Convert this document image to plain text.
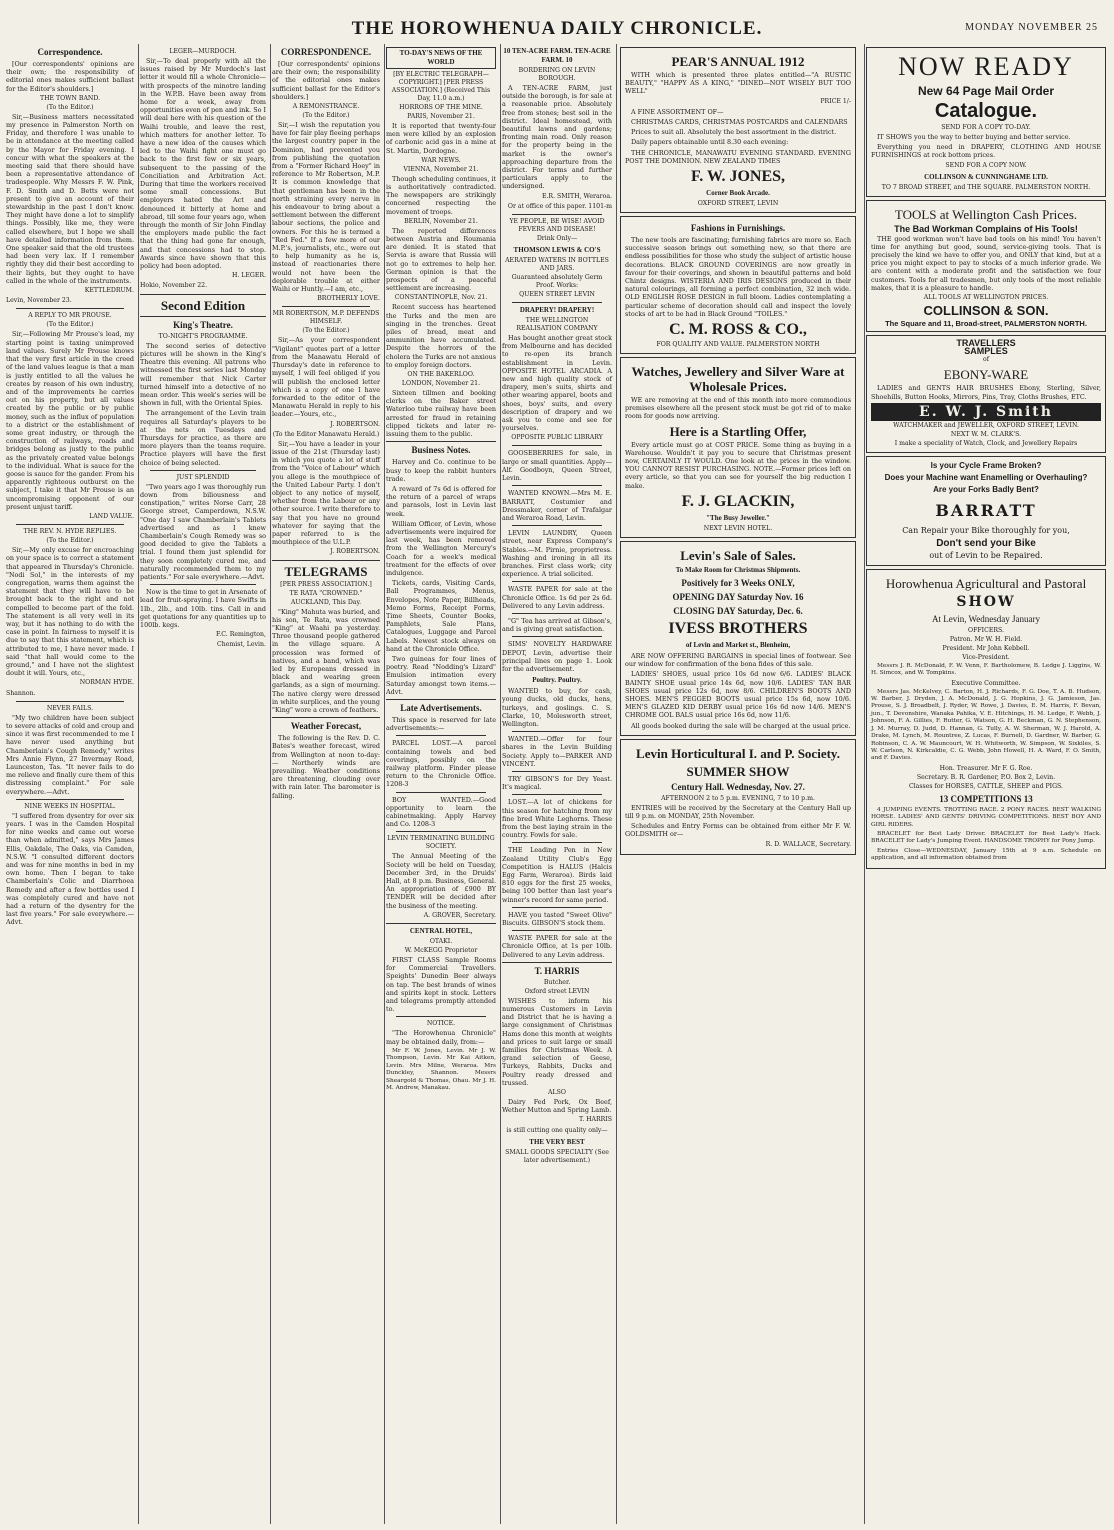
THE HOROWHENUA DAILY CHRONICLE.	MONDAY NOVEMBER 25
Correspondence.

[Our correspondents' opinions are their own; the responsibility of editorial ones makes sufficient ballast for the Editor's shoulders.]

THE TOWN BAND.
(To the Editor.)

Sir,—Business matters necessitated my presence in Palmerston North on Friday, and therefore I was unable to be in attendance at the meeting called by the Mayor for Friday evening. I concur with what the speakers at the meeting said that there should have been a representative attendance of tradespeople. Why Messrs F. W. Pink, F. D. Smith and D. Betts were not present to give an account of their stewardship in the past I don't know. They might have done a lot to simplify things. Possibly, like me, they were called elsewhere, but I hope we shall have detailed information from them. One speaker said that the old trustees had been very lax. If I remember rightly they did their best according to their lights, but they ought to have called in the whole of the instruments.

KETTLEDRUM.
Levin, November 23.
A REPLY TO MR PROUSE.
(To the Editor.)

Sir,—Following Mr Prouse's lead, my starting point is taxing unimproved land values. Surely Mr Prouse knows that the very first article in the creed of the land values league is that a man is justly entitled to all the values he creates by reason of his own industry, and of the improvements he carries out on his property, but all values created by the public or by public money, such as the influx of population to a district or the establishment of some great industry, or through the construction of railways, roads and bridges belong as justly to the public as the privately created value belongs to the individual. What is sauce for the goose is sauce for the gander. From his apparently righteous outburst on the subject, I take it that Mr Prouse is an uncompromising opponent of our present unjust tariff.

LAND VALUE.
THE REV. N. HYDE REPLIES.
(To the Editor.)

Sir,—My only excuse for encroaching on your space is to correct a statement that appeared in Thursday's Chronicle. "Nodi Sol," in the interests of my congregation, warns them against the statement that they will have to be brought back to the right and not compelled to become part of the fold. The statement is all very well in its way, but it has nothing to do with the case in point. In fairness to myself it is due to say that this statement, which is attributed to me, I have never made. I said "that hall would come to the ground," and I have not the slightest doubt it will. Yours, etc.,

NORMAN HYDE.
Shannon.
NEVER FAILS.

"My two children have been subject to severe attacks of cold and croup and since it was first recommended to me I have never used anything but Chamberlain's Cough Remedy," writes Mrs Annie Flynn, 27 Invermay Road, Launceston, Tas. "It never fails to do me relieve and finally cure them of this distressing complaint." For sale everywhere.—Advt.

NINE WEEKS IN HOSPITAL.

"I suffered from dysentry for over six years. I was in the Camden Hospital for nine weeks and came out worse than when admitted," says Mrs James Ellis, Oakdale, The Oaks, via Camden, N.S.W. "I consulted different doctors and was for nine months in bed in my own home. Then I began to take Chamberlain's Colic and Diarrhoea Remedy and after a few bottles used I was completely cured and have not had a return of the dysentry for the last five years." For sale everywhere.—Advt.

LEGER—MURDOCH.

Sir,—To deal properly with all the issues raised by Mr Murdoch's last letter it would fill a whole Chronicle—with prospects of the minotre landing in the W.P.B. Have been away from home for a week, away from opportunities even of pen and ink. So I will deal here with his question of the Waihi trouble, and leave the rest, which matters for another letter. To have a new idea of the causes which led to the Waihi fight one must go back to the first few or six years, subsequent to the passing of the Conciliation and Arbitration Act. During that time the workers received some small concessions. But employers hated the Act and denounced it bitterly at home and abroad, till some four years ago, when through the month of Sir John Findlay the employers made public the fact that the thing had gone far enough, and that concessions had to stop. Awards since have shown that this policy had been adopted.

H. LEGER.
Hokio, November 22.
Second Edition
King's Theatre.
TO-NIGHT'S PROGRAMME.

The second series of detective pictures will be shown in the King's Theatre this evening. All patrons who witnessed the first series last Monday will remember that Nick Carter turned himself into a detective of no mean order. This week's series will be shown in full, with the Oriental Spies.

The arrangement of the Levin train requires all Saturday's players to be at the nets on Tuesdays and Thursdays for practice, as there are more players than the teams require. Practice players will have the first choice of being selected.

JUST SPLENDID

"Two years ago I was thoroughly run down from biliousness and constipation," writes Norse Carr, 28 George street, Camperdown, N.S.W. "One day I saw Chamberlain's Tablets advertised and as I knew Chamberlain's Cough Remedy was so good decided to give the Tablets a trial. I found them just splendid for they soon completely cured me, and naturally recommended them to my patients." For sale everywhere.—Advt.

Now is the time to get in Arsenate of lead for fruit-spraying. I have Swifts in 1lb., 2lb., and 10lb. tins. Call in and get quotations for any quantities up to 100lb. kegs.

F.C. Remington,
Chemist, Levin.
CORRESPONDENCE.

[Our correspondents' opinions are their own; the responsibility of the editorial ones makes sufficient ballast for the Editor's shoulders.]

A REMONSTRANCE.
(To the Editor.)

Sir,—I wish the reputation you have for fair play fleeing perhaps the largest country paper in the Dominion, had prevented you from publishing the quotation from a "Former Richard Hoey" in reference to Mr Robertson, M.P. It is common knowledge that that gentleman has been in the north straining every nerve in his endeavour to bring about a settlement between the different labour sections, the police and owners. For this he is termed a "Red Fed." If a few more of our M.P.'s, journalists, etc., were out to help humanity as he is, instead of reactionaries there would not have been the deplorable trouble at either Waihi or Huntly.—I am, etc.,

BROTHERLY LOVE.
MR ROBERTSON, M.P. DEFENDS HIMSELF.
(To the Editor.)

Sir,—As your correspondent "Vigilant" quotes part of a letter from the Manawatu Herald of Thursday's date in reference to myself, I will feel obliged if you will publish the enclosed letter which is a copy of one I have forwarded to the editor of the Manawatu Herald in reply to his leader.—Yours, etc.,

J. ROBERTSON.
(To the Editor Manawatu Herald.)

Sir,—You have a leader in your issue of the 21st (Thursday last) in which you quote a lot of stuff from the "Voice of Labour" which you allege is the mouthpiece of the United Labour Party. I don't object to any notice of myself, whether from the Labour or any other source. I write therefore to say that you have no ground whatever for saying that the paper referred to is the mouthpiece of the U.L.P.

J. ROBERTSON.
TELEGRAMS
[PER PRESS ASSOCIATION.]
TE RATA "CROWNED."
AUCKLAND, This Day.

"King" Mahuta was buried, and his son, Te Rata, was crowned "King" at Waahi pa yesterday. Three thousand people gathered in the village square. A procession was formed of natives, and a band, which was led by Europeans dressed in black and wearing green garlands, as a sign of mourning. The native clergy were dressed in white surplices, and the young "King" wore a crown of feathers.

Weather Forecast,

The following is the Rev. D. C. Bates's weather forecast, wired from Wellington at noon to-day:— Northerly winds are prevailing. Weather conditions are threatening, clouding over with rain later. The barometer is falling.

TO-DAY'S NEWS OF THE WORLD
[BY ELECTRIC TELEGRAPH—COPYRIGHT.] [PER PRESS ASSOCIATION.] (Received This Day, 11.0 a.m.)
HORRORS OF THE MINE.
PARIS, November 21.

It is reported that twenty-four men were killed by an explosion of carbonic acid gas in a mine at St. Martin, Dordogne.

WAR NEWS.
VIENNA, November 21.

Though scheduling continues, it is authoritatively contradicted. The newspapers are strikingly concerned respecting the movement of troops.

BERLIN, November 21.

The reported differences between Austria and Roumania are denied. It is stated that Servia is aware that Russia will not go to extremes to help her. German opinion is that the prospects of a peaceful settlement are increasing.

CONSTANTINOPLE, Nov. 21.

Recent success has heartened the Turks and the men are singing in the trenches. Great piles of bread, meat and ammunition have accumulated. Despite the horrors of the cholera the Turks are not anxious to employ foreign doctors.

ON THE BAKERLOO.
LONDON, November 21.

Sixteen tillmen and booking clerks on the Baker street Waterloo tube railway have been arrested for fraud in retaining clipped tickets and later re-issuing them to the public.

Business Notes.

Harvey and Co. continue to be busy to keep the rabbit hunters trade.

A reward of 7s 6d is offered for the return of a parcel of wraps and parasols, lost in Levin last week.

William Officer, of Levin, whose advertisements were inquired for last week, has been removed from the Wellington Mercury's Coach for a week's medical treatment for the effects of over indulgence.

Tickets, cards, Visiting Cards, Ball Programmes, Menus, Envelopes, Note Paper, Billheads, Memo Forms, Receipt Forms, Time Sheets, Counter Books, Pamphlets, Sale Plans, Catalogues, Luggage and Parcel Labels. Newest stock always on hand at the Chronicle Office.

Two guineas for four lines of poetry. Read "Nodding's Lizard" Emulsion intimation every Saturday amongst town items.—Advt.

Late Advertisements.

This space is reserved for late advertisements:—

PARCEL LOST.—A parcel containing towels and bed coverings, possibly on the railway platform. Finder please return to the Chronicle Office. 1208-3

BOY WANTED.—Good opportunity to learn the cabinetmaking. Apply Harvey and Co. 1208-3

LEVIN TERMINATING BUILDING SOCIETY.

The Annual Meeting of the Society will be held on Tuesday, December 3rd, in the Druids' Hall, at 8 p.m. Business, General. An appropriation of £900 BY TENDER will be decided after the business of the meeting.

A. GROVER, Secretary.
CENTRAL HOTEL,
OTAKI.
W. McKEGG Proprietor

FIRST CLASS Sample Rooms for Commercial Travellers. Speights' Dunedin Beer always on tap. The best brands of wines and spirits kept in stock. Letters and telegrams promptly attended to.

NOTICE.

"The Horowhenua Chronicle" may be obtained daily, from:—

Mr F. W. Jones, Levin. Mr J. W. Thompson, Levin. Mr Kai Aitken, Levin. Mrs Milne, Weraroa. Mrs Dunckley, Shannon. Messrs Sheargold & Thomas, Ohau. Mr J. H. M. Andrew, Manakau.

10 TEN-ACRE FARM. TEN-ACRE FARM. 10
BORDERING ON LEVIN BOROUGH.

A TEN-ACRE FARM, just outside the borough, is for sale at a reasonable price. Absolutely free from stones; best soil in the district. Ideal homestead, with beautiful lawns and gardens; fronting main road. Only reason for the property being in the market is the owner's approaching departure from the district. For terms and further particulars apply to the undersigned.

E.R. SMITH, Weraroa.
Or at office of this paper. 1101-m
YE PEOPLE, BE WISE! AVOID FEVERS AND DISEASE!
Drink Only—
THOMSON LEWIS & CO'S
AERATED WATERS IN BOTTLES AND JARS.
Guaranteed absolutely Germ Proof. Works:
QUEEN STREET LEVIN
DRAPERY! DRAPERY!
THE WELLINGTON REALISATION COMPANY

Has bought another great stock from Melbourne and has decided to re-open its branch establishment in Levin. OPPOSITE HOTEL ARCADIA. A new and high quality stock of drapery, men's suits, shirts and other wearing apparel, boots and shoes, boys' suits, and every description of drapery and we ask you to come and see for yourselves.

OPPOSITE PUBLIC LIBRARY

GOOSEBERRIES for sale, in large or small quantities. Apply—Alf. Goodboyn, Queen Street, Levin.

WANTED KNOWN.—Mrs M. E. BARRATT, Costumier and Dressmaker, corner of Trafalgar and Weraroa Road, Levin.

LEVIN LAUNDRY, Queen street, near Express Company's Stables.—M. Pirnie, proprietress. Washing and ironing in all its branches. First class work; city experience. A trial solicited.

WASTE PAPER for sale at the Chronicle Office. 1s 6d per 2s 6d. Delivered to any Levin address.

"G" Tea has arrived at Gibson's, and is giving great satisfaction.

SIMS' NOVELTY HARDWARE DEPOT, Levin, advertise their principal lines on page 1. Look for the advertisement.

Poultry. Poultry.

WANTED to buy, for cash, young ducks, old ducks, hens, turkeys, and goslings. C. S. Clarke, 10, Molesworth street, Wellington.

WANTED.—Offer for four shares in the Levin Building Society. Apply to—PARKER AND VINCENT.

TRY GIBSON'S for Dry Yeast. It's magical.

LOST.—A lot of chickens for this season for hatching from my fine bred White Leghorns. These from the best laying strain in the country. Fowls for sale.

THE Leading Pen in New Zealand Utility Club's Egg Competition is HALUS (Halcis Egg Farm, Weraroa). Birds laid 810 eggs for the first 25 weeks, being 100 better than last year's winner's record for same period.

HAVE you tasted "Sweet Olive" Biscuits. GIBSON'S stock them.

WASTE PAPER for sale at the Chronicle Office, at 1s per 10lb. Delivered to any Levin address.

T. HARRIS
Butcher.
Oxford street LEVIN

WISHES to inform his numerous Customers in Levin and District that he is having a large consignment of Christmas Hams done this month at weights and prices to suit large or small families for Christmas Week. A grand selection of Geese, Turkeys, Rabbits, Ducks and Poultry ready dressed and trussed.

ALSO

Dairy Fed Pork, Ox Beef, Wether Mutton and Spring Lamb.

T. HARRIS
is still cutting one quality only—
THE VERY BEST
SMALL GOODS SPECIALTY (See later advertisement.)
PEAR'S ANNUAL 1912

WITH which is presented three plates entitled—"A RUSTIC BEAUTY," "HAPPY AS A KING," "DINED—NOT WISELY BUT TOO WELL"

PRICE 1/-

A FINE ASSORTMENT OF—

CHRISTMAS CARDS, CHRISTMAS POSTCARDS and CALENDARS

Prices to suit all. Absolutely the best assortment in the district.

Daily papers obtainable until 8.30 each evening:

THE CHRONICLE, MANAWATU EVENING STANDARD. EVENING POST THE DOMINION. NEW ZEALAND TIMES

F. W. JONES,
Corner Book Arcade.
OXFORD STREET, LEVIN
Fashions in Furnishings.

The new tools are fascinating; furnishing fabrics are more so. Each successive season brings out something new, so that there are endless possibilities for those who study the subject of artistic house decorations. BLACK GROUND COVERINGS are now greatly in favour for their coverings, and shown in beautiful patterns and bold Chintz designs. WISTERIA AND IRIS DESIGNS produced in their natural colourings, all forming a perfect combination, 32 inch wide. OLD ENGLISH ROSE DESIGN in full bloom. Ladies contemplating a particular scheme of decoration should call and inspect the lovely stocks of art to be had in Black Ground "TOILES."

C. M. ROSS & CO.,
FOR QUALITY AND VALUE. PALMERSTON NORTH
Watches, Jewellery and Silver Ware at Wholesale Prices.

WE are removing at the end of this month into more commodious premises elsewhere all the present stock must be got rid of to make room for goods now arriving.

Here is a Startling Offer,

Every article must go at COST PRICE. Some thing as buying in a Warehouse. Wouldn't it pay you to secure that Christmas present now, CERTAINLY IT WOULD. One look at the prices in the window. YOU CANNOT RESIST PURCHASING. NOTE.—Former prices left on every article, so that you can see for yourself the big reduction I make.

F. J. GLACKIN,
"The Busy Jeweller."
NEXT LEVIN HOTEL.
Levin's Sale of Sales.
To Make Room for Christmas Shipments.
Positively for 3 Weeks ONLY,
OPENING DAY Saturday Nov. 16
CLOSING DAY Saturday, Dec. 6.
IVESS BROTHERS
of Levin and Market st., Blenheim,

ARE NOW OFFERING BARGAINS in special lines of footwear. See our window for confirmation of the bona fides of this sale.

LADIES' SHOES, usual price 10s 6d now 6/6. LADIES' BLACK BAINTY SHOE usual price 14s 6d, now 10/6. LADIES' TAN BAR SHOES usual price 12s 6d, now 8/6. CHILDREN'S BOOTS AND SHOES. MEN'S PEGGED BOOTS usual price 15s 6d, now 10/6. MEN'S GLAZED KID DERBY usual price 16s 6d now 14/6. MEN'S CHROME GOL BALS usual price 16s 6d, now 11/6.

All goods booked during the sale will be charged at the usual price.

Levin Horticultural I. and P. Society.
SUMMER SHOW
Century Hall. Wednesday, Nov. 27.
AFTERNOON 2 to 5 p.m. EVENING, 7 to 10 p.m.

ENTRIES will be received by the Secretary at the Century Hall up till 9 p.m. on MONDAY, 25th November.

Schedules and Entry Forms can be obtained from either Mr F. W. GOLDSMITH or—

R. D. WALLACE, Secretary.
NOW READY
New 64 Page Mail Order
Catalogue.
SEND FOR A COPY TO-DAY.

IT SHOWS you the way to better buying and better service.

Everything you need in DRAPERY, CLOTHING AND HOUSE FURNISHINGS at rock bottom prices.

SEND FOR A COPY NOW.
COLLINSON & CUNNINGHAME LTD.
TO 7 BROAD STREET, and THE SQUARE. PALMERSTON NORTH.
TOOLS at Wellington Cash Prices.
The Bad Workman Complains of His Tools!

THE good workman won't have bad tools on his mind! You haven't time for anything but good, sound, service-giving tools. That is precisely the kind we have to offer you, and ONLY that kind, but at a price you might expect to pay to stocks of a much inferior grade. We are content with a moderate profit and the satisfaction we four customers. Tools for all tradesmen, but only tools of the most reliable makes, that it is a pleasure to handle.

ALL TOOLS AT WELLINGTON PRICES.
COLLINSON & SON.
The Square and 11, Broad-street, PALMERSTON NORTH.
TRAVELLERS
SAMPLES
of
EBONY-WARE

LADIES and GENTS HAIR BRUSHES Ebony, Sterling, Silver, Shoehills, Button Hooks, Mirrors, Pins, Tray, Cloths Brushes, ETC.

E. W. J. Smith
WATCHMAKER and JEWELLER, OXFORD STREET, LEVIN.
NEXT W. M. CLARK'S.
I make a speciality of Watch, Clock, and Jewellery Repairs
Is your Cycle Frame Broken?
Does your Machine want Enamelling or Overhauling?
Are your Forks Badly Bent?
BARRATT
Can Repair your Bike thoroughly for you,
Don't send your Bike
out of Levin to be Repaired.
Horowhenua Agricultural and Pastoral
SHOW
At Levin, Wednesday January
OFFICERS.
Patron. Mr W. H. Field.
President. Mr John Kebbell.
Vice-President.

Messrs J. R. McDonald, F. W. Venn, F. Bartholomew, B. Ledge J. Liggins, W. H. Simcox, and W. Tompkins.

Executive Committee.

Messrs Jas. McKelvey, C. Barton, H. J. Richards, F. G. Doe, T. A. B. Hudson, W. Barber, J. Dryden, J. A. McDonald, J. G. Hopkins, J. G. Jamieson, Jas. Prouse, S. J. Broadbelt, J. Ryder, W. Rowe, J. Davies, E. M. Harris, F. Bevan, jun., T. Devonshire, Wanaka Pahika, V. E. Hitchings, H. M. Ledge, F. Webb, J. Johnson, F. A. Gillies, F. Rutter, G. Watson, G. H. Beckman, G. N. Stephenson, J. M. Murray, D. Judd, D. Hannan, G. Tully, A. W. Sherman, W. J. Harold, A. Drake, M. Lynch, M. Rountree, Z. Lucas, F. Burnell, D. Gardner, W. Barber, G. Robinson, C. A. W. Mauncourt, W. H. Whitworth, W. Simpson, W. Sixkiles, S. W. Carlson, N. Kirkcaldie, C. G. Webb, John Howell, H. A. Ward, F. O. Smith, and F. Davies.

Hon. Treasurer. Mr F. G. Roe.
Secretary. B. R. Gardener, P.O. Box 2, Levin.
Classes for HORSES, CATTLE, SHEEP and PIGS.
13 COMPETITIONS 13

4 JUMPING EVENTS. TROTTING RACE. 2 PONY RACES. BEST WALKING HORSE. LADIES' AND GENTS' DRIVING COMPETITIONS. BEST BOY AND GIRL RIDERS.

BRACELET for Best Lady Driver. BRACELET for Best Lady's Hack. BRACELET for Lady's Jumping Event. HANDSOME TROPHY for Pony Jump.

Entries Close—WEDNESDAY, January 15th at 9 a.m. Schedule on application, and all information obtained from
